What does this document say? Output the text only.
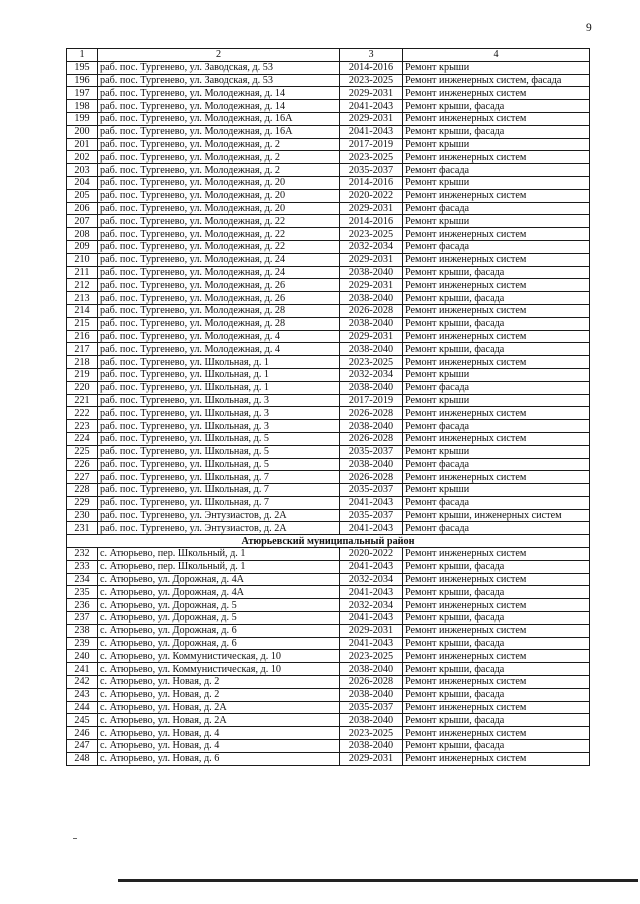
9
1	2	3	4
195	раб. пос. Тургенево, ул. Заводская, д. 53	2014-2016	Ремонт крыши
196	раб. пос. Тургенево, ул. Заводская, д. 53	2023-2025	Ремонт инженерных систем, фасада
197	раб. пос. Тургенево, ул. Молодежная, д. 14	2029-2031	Ремонт инженерных систем
198	раб. пос. Тургенево, ул. Молодежная, д. 14	2041-2043	Ремонт крыши, фасада
199	раб. пос. Тургенево, ул. Молодежная, д. 16А	2029-2031	Ремонт инженерных систем
200	раб. пос. Тургенево, ул. Молодежная, д. 16А	2041-2043	Ремонт крыши, фасада
201	раб. пос. Тургенево, ул. Молодежная, д. 2	2017-2019	Ремонт крыши
202	раб. пос. Тургенево, ул. Молодежная, д. 2	2023-2025	Ремонт инженерных систем
203	раб. пос. Тургенево, ул. Молодежная, д. 2	2035-2037	Ремонт фасада
204	раб. пос. Тургенево, ул. Молодежная, д. 20	2014-2016	Ремонт крыши
205	раб. пос. Тургенево, ул. Молодежная, д. 20	2020-2022	Ремонт инженерных систем
206	раб. пос. Тургенево, ул. Молодежная, д. 20	2029-2031	Ремонт фасада
207	раб. пос. Тургенево, ул. Молодежная, д. 22	2014-2016	Ремонт крыши
208	раб. пос. Тургенево, ул. Молодежная, д. 22	2023-2025	Ремонт инженерных систем
209	раб. пос. Тургенево, ул. Молодежная, д. 22	2032-2034	Ремонт фасада
210	раб. пос. Тургенево, ул. Молодежная, д. 24	2029-2031	Ремонт инженерных систем
211	раб. пос. Тургенево, ул. Молодежная, д. 24	2038-2040	Ремонт крыши, фасада
212	раб. пос. Тургенево, ул. Молодежная, д. 26	2029-2031	Ремонт инженерных систем
213	раб. пос. Тургенево, ул. Молодежная, д. 26	2038-2040	Ремонт крыши, фасада
214	раб. пос. Тургенево, ул. Молодежная, д. 28	2026-2028	Ремонт инженерных систем
215	раб. пос. Тургенево, ул. Молодежная, д. 28	2038-2040	Ремонт крыши, фасада
216	раб. пос. Тургенево, ул. Молодежная, д. 4	2029-2031	Ремонт инженерных систем
217	раб. пос. Тургенево, ул. Молодежная, д. 4	2038-2040	Ремонт крыши, фасада
218	раб. пос. Тургенево, ул. Школьная, д. 1	2023-2025	Ремонт инженерных систем
219	раб. пос. Тургенево, ул. Школьная, д. 1	2032-2034	Ремонт крыши
220	раб. пос. Тургенево, ул. Школьная, д. 1	2038-2040	Ремонт фасада
221	раб. пос. Тургенево, ул. Школьная, д. 3	2017-2019	Ремонт крыши
222	раб. пос. Тургенево, ул. Школьная, д. 3	2026-2028	Ремонт инженерных систем
223	раб. пос. Тургенево, ул. Школьная, д. 3	2038-2040	Ремонт фасада
224	раб. пос. Тургенево, ул. Школьная, д. 5	2026-2028	Ремонт инженерных систем
225	раб. пос. Тургенево, ул. Школьная, д. 5	2035-2037	Ремонт крыши
226	раб. пос. Тургенево, ул. Школьная, д. 5	2038-2040	Ремонт фасада
227	раб. пос. Тургенево, ул. Школьная, д. 7	2026-2028	Ремонт инженерных систем
228	раб. пос. Тургенево, ул. Школьная, д. 7	2035-2037	Ремонт крыши
229	раб. пос. Тургенево, ул. Школьная, д. 7	2041-2043	Ремонт фасада
230	раб. пос. Тургенево, ул. Энтузиастов, д. 2А	2035-2037	Ремонт крыши, инженерных систем
231	раб. пос. Тургенево, ул. Энтузиастов, д. 2А	2041-2043	Ремонт фасада
Атюрьевский муниципальный район			
232	с. Атюрьево, пер. Школьный, д. 1	2020-2022	Ремонт инженерных систем
233	с. Атюрьево, пер. Школьный, д. 1	2041-2043	Ремонт крыши, фасада
234	с. Атюрьево, ул. Дорожная, д. 4А	2032-2034	Ремонт инженерных систем
235	с. Атюрьево, ул. Дорожная, д. 4А	2041-2043	Ремонт крыши, фасада
236	с. Атюрьево, ул. Дорожная, д. 5	2032-2034	Ремонт инженерных систем
237	с. Атюрьево, ул. Дорожная, д. 5	2041-2043	Ремонт крыши, фасада
238	с. Атюрьево, ул. Дорожная, д. 6	2029-2031	Ремонт инженерных систем
239	с. Атюрьево, ул. Дорожная, д. 6	2041-2043	Ремонт крыши, фасада
240	с. Атюрьево, ул. Коммунистическая, д. 10	2023-2025	Ремонт инженерных систем
241	с. Атюрьево, ул. Коммунистическая, д. 10	2038-2040	Ремонт крыши, фасада
242	с. Атюрьево, ул. Новая, д. 2	2026-2028	Ремонт инженерных систем
243	с. Атюрьево, ул. Новая, д. 2	2038-2040	Ремонт крыши, фасада
244	с. Атюрьево, ул. Новая, д. 2А	2035-2037	Ремонт инженерных систем
245	с. Атюрьево, ул. Новая, д. 2А	2038-2040	Ремонт крыши, фасада
246	с. Атюрьево, ул. Новая, д. 4	2023-2025	Ремонт инженерных систем
247	с. Атюрьево, ул. Новая, д. 4	2038-2040	Ремонт крыши, фасада
248	с. Атюрьево, ул. Новая, д. 6	2029-2031	Ремонт инженерных систем
